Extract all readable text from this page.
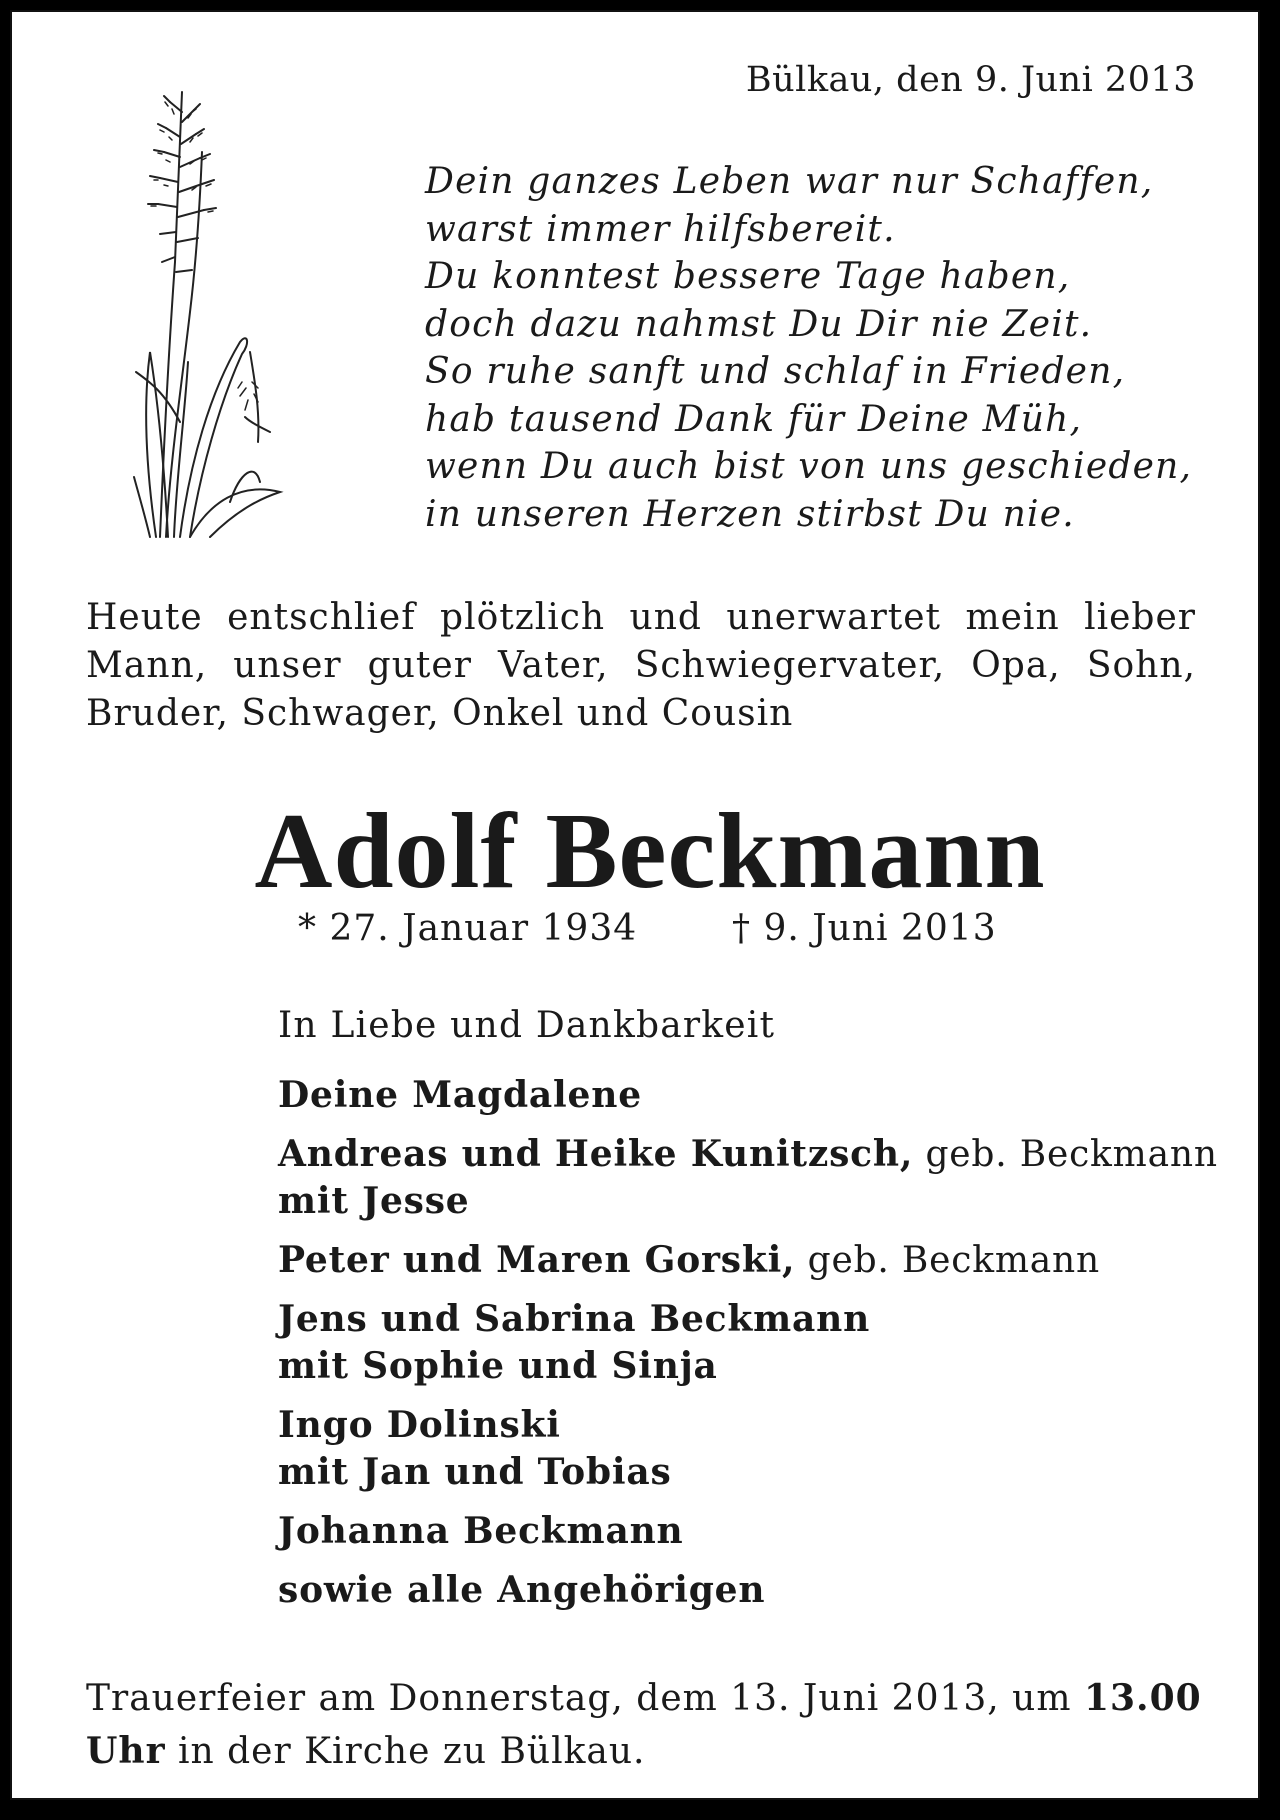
Bülkau, den 9. Juni 2013
Dein ganzes Leben war nur Schaffen,
warst immer hilfsbereit.
Du konntest bessere Tage haben,
doch dazu nahmst Du Dir nie Zeit.
So ruhe sanft und schlaf in Frieden,
hab tausend Dank für Deine Müh,
wenn Du auch bist von uns geschieden,
in unseren Herzen stirbst Du nie.
Heute entschlief plötzlich und unerwartet mein lieber
Mann, unser guter Vater, Schwiegervater, Opa, Sohn,
Bruder, Schwager, Onkel und Cousin
Adolf Beckmann
* 27. Januar 1934	† 9. Juni 2013
In Liebe und Dankbarkeit

Deine Magdalene

Andreas und Heike Kunitzsch, geb. Beckmann

mit Jesse

Peter und Maren Gorski, geb. Beckmann

Jens und Sabrina Beckmann

mit Sophie und Sinja

Ingo Dolinski

mit Jan und Tobias

Johanna Beckmann

sowie alle Angehörigen

Trauerfeier am Donnerstag, dem 13. Juni 2013, um 13.00
Uhr in der Kirche zu Bülkau.
